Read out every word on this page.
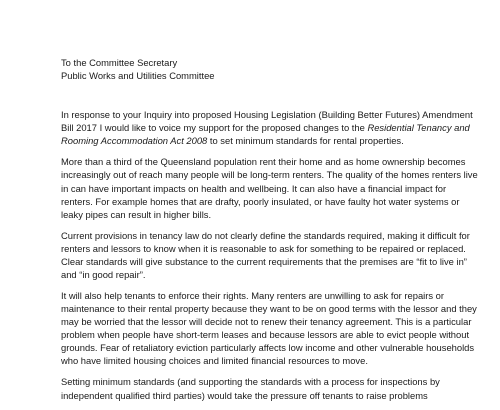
To the Committee Secretary

Public Works and Utilities Committee

In response to your Inquiry into proposed Housing Legislation (Building Better Futures) Amendment Bill 2017 I would like to voice my support for the proposed changes to the Residential Tenancy and Rooming Accommodation Act 2008 to set minimum standards for rental properties.

More than a third of the Queensland population rent their home and as home ownership becomes increasingly out of reach many people will be long-term renters. The quality of the homes renters live in can have important impacts on health and wellbeing. It can also have a financial impact for renters. For example homes that are drafty, poorly insulated, or have faulty hot water systems or leaky pipes can result in higher bills.

Current provisions in tenancy law do not clearly define the standards required, making it difficult for renters and lessors to know when it is reasonable to ask for something to be repaired or replaced. Clear standards will give substance to the current requirements that the premises are “fit to live in” and “in good repair”.

It will also help tenants to enforce their rights. Many renters are unwilling to ask for repairs or maintenance to their rental property because they want to be on good terms with the lessor and they may be worried that the lessor will decide not to renew their tenancy agreement. This is a particular problem when people have short-term leases and because lessors are able to evict people without grounds. Fear of retaliatory eviction particularly affects low income and other vulnerable households who have limited housing choices and limited financial resources to move.

Setting minimum standards (and supporting the standards with a process for inspections by independent qualified third parties) would take the pressure off tenants to raise problems
